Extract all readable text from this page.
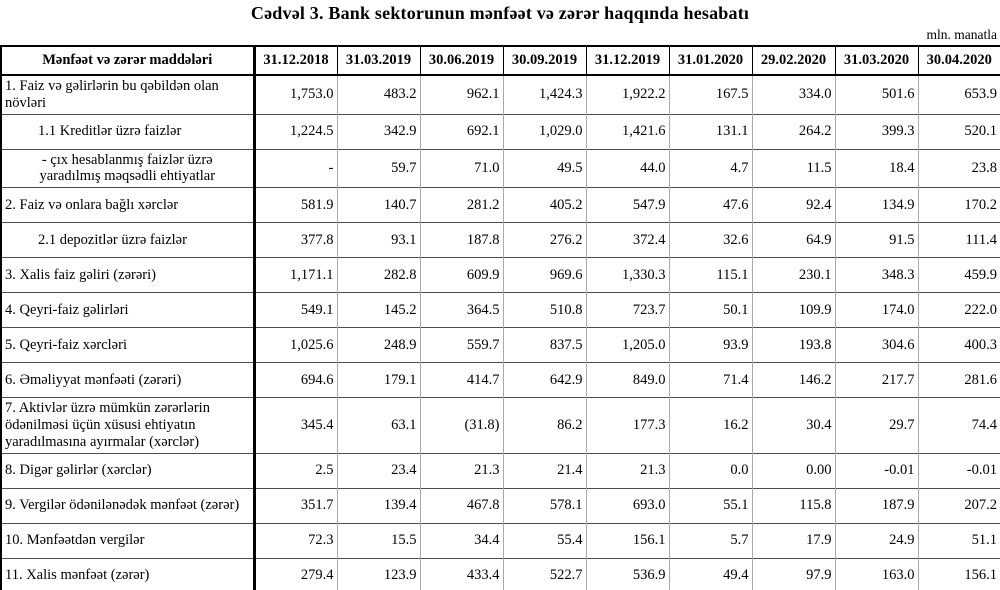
Cədvəl 3. Bank sektorunun mənfəət və zərər haqqında hesabatı
mln. manatla
Mənfəət və zərər maddələri	31.12.2018	31.03.2019	30.06.2019	30.09.2019	31.12.2019	31.01.2020	29.02.2020	31.03.2020	30.04.2020
1. Faiz və gəlirlərin bu qəbildən olan növləri	1,753.0	483.2	962.1	1,424.3	1,922.2	167.5	334.0	501.6	653.9
1.1 Kreditlər üzrə faizlər	1,224.5	342.9	692.1	1,029.0	1,421.6	131.1	264.2	399.3	520.1
- çıx hesablanmış faizlər üzrə yaradılmış məqsədli ehtiyatlar	-	59.7	71.0	49.5	44.0	4.7	11.5	18.4	23.8
2. Faiz və onlara bağlı xərclər	581.9	140.7	281.2	405.2	547.9	47.6	92.4	134.9	170.2
2.1 depozitlər üzrə faizlər	377.8	93.1	187.8	276.2	372.4	32.6	64.9	91.5	111.4
3. Xalis faiz gəliri (zərəri)	1,171.1	282.8	609.9	969.6	1,330.3	115.1	230.1	348.3	459.9
4. Qeyri-faiz gəlirləri	549.1	145.2	364.5	510.8	723.7	50.1	109.9	174.0	222.0
5. Qeyri-faiz xərcləri	1,025.6	248.9	559.7	837.5	1,205.0	93.9	193.8	304.6	400.3
6. Əməliyyat mənfəəti (zərəri)	694.6	179.1	414.7	642.9	849.0	71.4	146.2	217.7	281.6
7. Aktivlər üzrə mümkün zərərlərin ödənilməsi üçün xüsusi ehtiyatın yaradılmasına ayırmalar (xərclər)	345.4	63.1	(31.8)	86.2	177.3	16.2	30.4	29.7	74.4
8. Digər gəlirlər (xərclər)	2.5	23.4	21.3	21.4	21.3	0.0	0.00	-0.01	-0.01
9. Vergilər ödənilənədək mənfəət (zərər)	351.7	139.4	467.8	578.1	693.0	55.1	115.8	187.9	207.2
10. Mənfəətdən vergilər	72.3	15.5	34.4	55.4	156.1	5.7	17.9	24.9	51.1
11. Xalis mənfəət (zərər)	279.4	123.9	433.4	522.7	536.9	49.4	97.9	163.0	156.1
